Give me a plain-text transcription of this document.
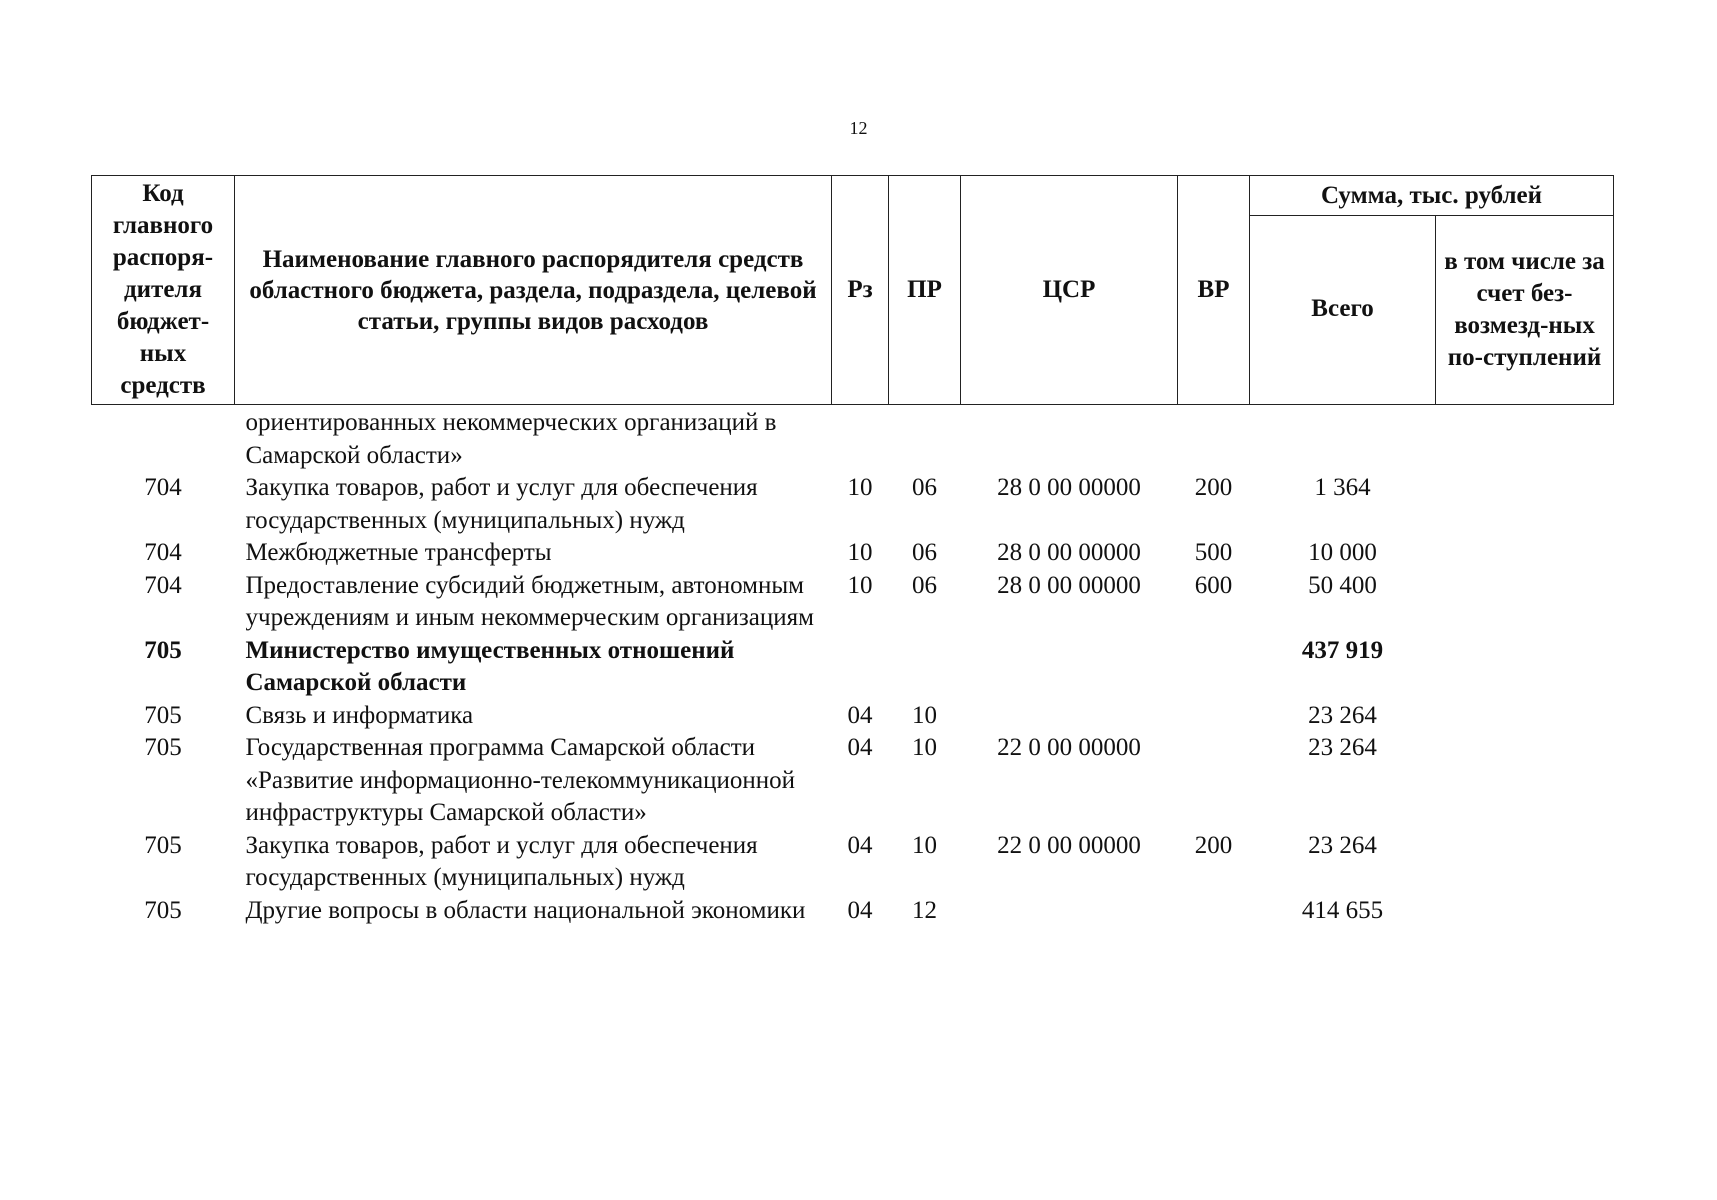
12
Код главного распоря-дителя бюджет-ных средств	Наименование главного распорядителя средств областного бюджета, раздела, подраздела, целевой статьи, группы видов расходов	Рз	ПР	ЦСР	ВР	Сумма, тыс. рублей	
						Всего	в том числе за счет без-возмезд-ных по-ступлений
	ориентированных некоммерческих организаций в Самарской области»						
704	Закупка товаров, работ и услуг для обеспечения государственных (муниципальных) нужд	10	06	28 0 00 00000	200	1 364	
704	Межбюджетные трансферты	10	06	28 0 00 00000	500	10 000	
704	Предоставление субсидий бюджетным, автономным учреждениям и иным некоммерческим организациям	10	06	28 0 00 00000	600	50 400	
705	Министерство имущественных отношений Самарской области					437 919	
705	Связь и информатика	04	10			23 264	
705	Государственная программа Самарской области «Развитие информационно-телекоммуникационной инфраструктуры Самарской области»	04	10	22 0 00 00000		23 264	
705	Закупка товаров, работ и услуг для обеспечения государственных (муниципальных) нужд	04	10	22 0 00 00000	200	23 264	
705	Другие вопросы в области национальной экономики	04	12			414 655	
